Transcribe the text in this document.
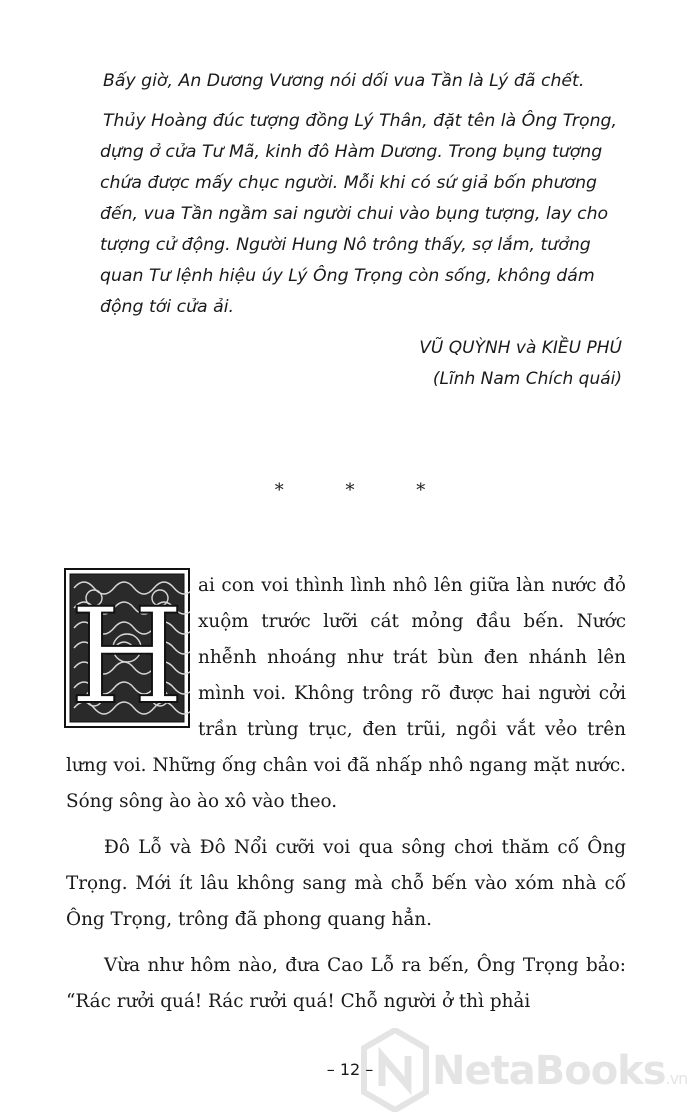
Bấy giờ, An Dương Vương nói dối vua Tần là Lý đã chết.

Thủy Hoàng đúc tượng đồng Lý Thân, đặt tên là Ông Trọng, dựng ở cửa Tư Mã, kinh đô Hàm Dương. Trong bụng tượng chứa được mấy chục người. Mỗi khi có sứ giả bốn phương đến, vua Tần ngầm sai người chui vào bụng tượng, lay cho tượng cử động. Người Hung Nô trông thấy, sợ lắm, tưởng quan Tư lệnh hiệu úy Lý Ông Trọng còn sống, không dám động tới cửa ải.

VŨ QUỲNH và KIỀU PHÚ
(Lĩnh Nam Chích quái)
* * *
H ai con voi thình lình nhô lên giữa làn nước đỏ xuộm trước lưỡi cát mỏng đầu bến. Nước nhễnh nhoáng như trát bùn đen nhánh lên mình voi. Không trông rõ được hai người cởi trần trùng trục, đen trũi, ngồi vắt vẻo trên lưng voi. Những ống chân voi đã nhấp nhô ngang mặt nước. Sóng sông ào ào xô vào theo.

Đô Lỗ và Đô Nổi cưỡi voi qua sông chơi thăm cố Ông Trọng. Mới ít lâu không sang mà chỗ bến vào xóm nhà cố Ông Trọng, trông đã phong quang hẳn.

Vừa như hôm nào, đưa Cao Lỗ ra bến, Ông Trọng bảo: “Rác rưởi quá! Rác rưởi quá! Chỗ người ở thì phải

– 12 –	NetaBooks.vn
